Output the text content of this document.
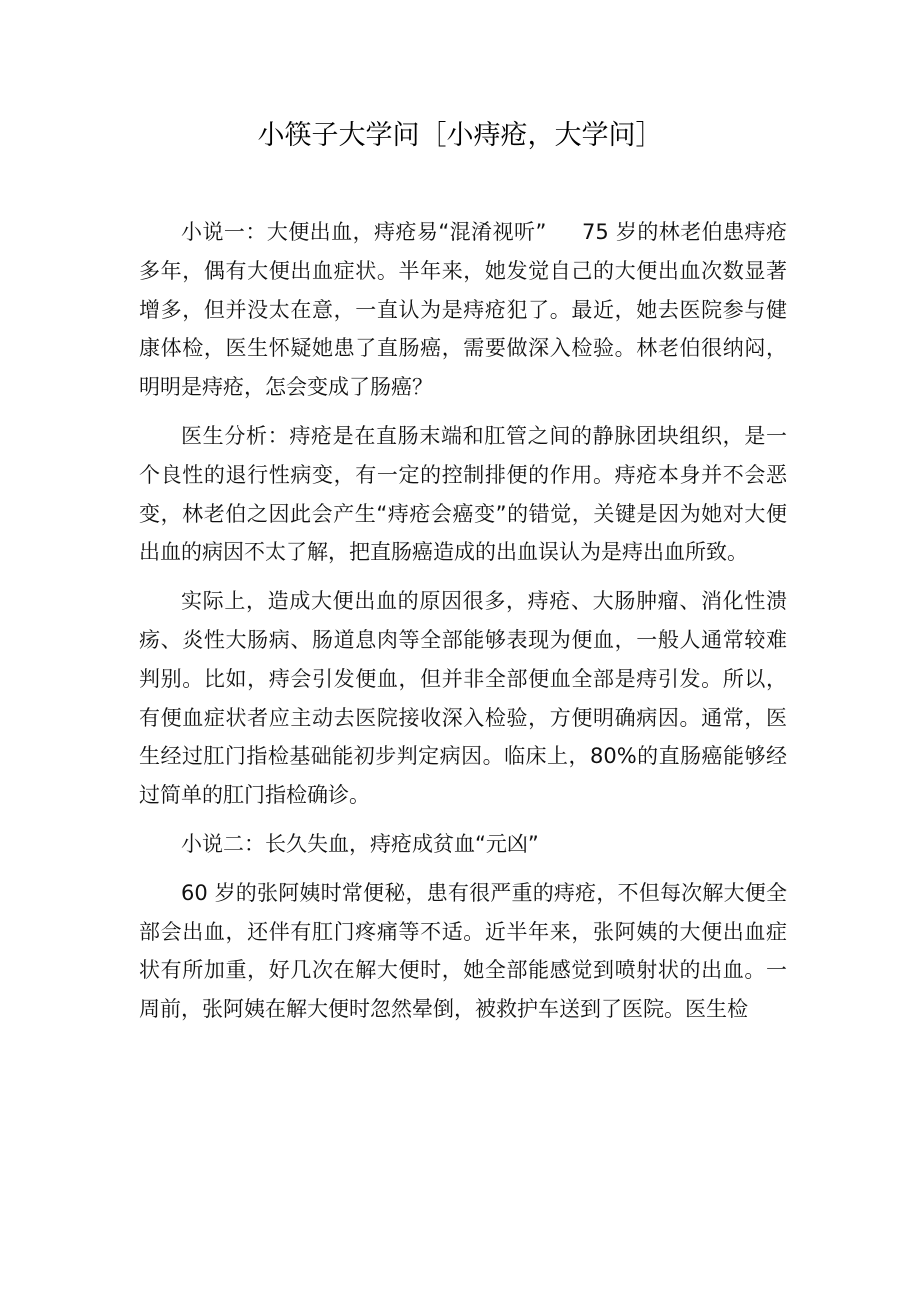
小筷子大学问［小痔疮，大学问］

小说一：大便出血，痔疮易“混淆视听” 　 75 岁的林老伯患痔疮多年，偶有大便出血症状。半年来，她发觉自己的大便出血次数显著增多，但并没太在意，一直认为是痔疮犯了。最近，她去医院参与健康体检，医生怀疑她患了直肠癌，需要做深入检验。林老伯很纳闷，明明是痔疮，怎会变成了肠癌？

医生分析：痔疮是在直肠末端和肛管之间的静脉团块组织，是一个良性的退行性病变，有一定的控制排便的作用。痔疮本身并不会恶变，林老伯之因此会产生“痔疮会癌变”的错觉，关键是因为她对大便出血的病因不太了解，把直肠癌造成的出血误认为是痔出血所致。

实际上，造成大便出血的原因很多，痔疮、大肠肿瘤、消化性溃疡、炎性大肠病、肠道息肉等全部能够表现为便血，一般人通常较难判别。比如，痔会引发便血，但并非全部便血全部是痔引发。所以，有便血症状者应主动去医院接收深入检验，方便明确病因。通常，医生经过肛门指检基础能初步判定病因。临床上，80%的直肠癌能够经过简单的肛门指检确诊。

小说二：长久失血，痔疮成贫血“元凶”

60 岁的张阿姨时常便秘，患有很严重的痔疮，不但每次解大便全部会出血，还伴有肛门疼痛等不适。近半年来，张阿姨的大便出血症状有所加重，好几次在解大便时，她全部能感觉到喷射状的出血。一周前，张阿姨在解大便时忽然晕倒，被救护车送到了医院。医生检
